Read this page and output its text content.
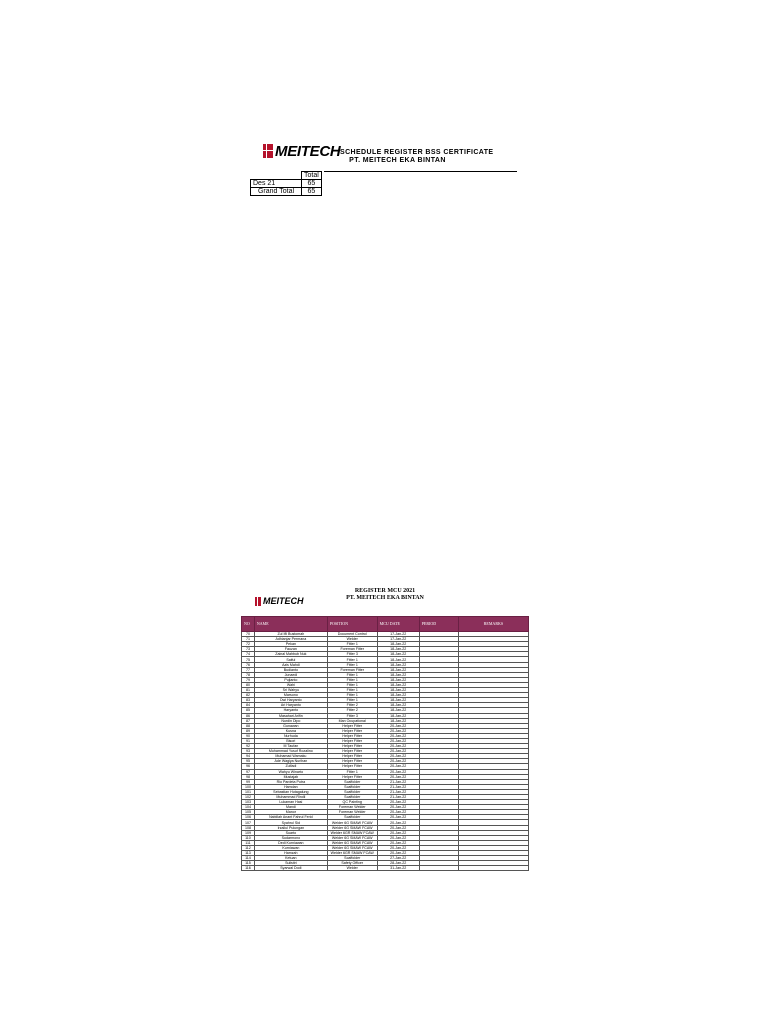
MEITECH SCHEDULE REGISTER BSS CERTIFICATE
PT. MEITECH EKA BINTAN
	Total
Des 21	65
Grand Total	65
MEITECH
REGISTER MCU 2021
PT. MEITECH EKA BINTAN
NO	NAME	POSITION	MCU DATE	PERIOD	REMARKS
70	Zul Ifli Bustomah	Document Control	17-Jan-22		
71	Adhianjar Permana	Welder	17-Jan-22		
72	Pekan	Fitter 1	18-Jan-22		
73	Fauzan	Foreman Fitter	18-Jan-22		
74	Zainal Mahbub Nuk	Fitter 3	18-Jan-22		
75	Saiful	Fitter 1	18-Jan-22		
76	Azis Mahdi	Fitter 1	18-Jan-22		
77	Budianto	Foreman Fitter	18-Jan-22		
78	Junaedi	Fitter 1	18-Jan-22		
79	Pujianto	Fitter 1	18-Jan-22		
80	Wahi	Fitter 1	18-Jan-22		
81	Sri Wahyu	Fitter 1	18-Jan-22		
82	Marsono	Fitter 1	18-Jan-22		
83	Dwi Haryanto	Fitter 1	18-Jan-22		
84	Ari Haryanto	Fitter 2	18-Jan-22		
85	Haryanto	Fitter 2	18-Jan-22		
86	Masahari Arifin	Fitter 3	18-Jan-22		
87	Nurdin Dipo	Man Ocupational	18-Jan-22		
88	Gunawan	Helper Fitter	20-Jan-22		
89	Kusna	Helper Fitter	20-Jan-22		
90	Nurhuda	Helper Fitter	20-Jan-22		
91	Bisori	Helper Fitter	20-Jan-22		
92	M Taufan	Helper Fitter	20-Jan-22		
93	Muhammad Yusuf Rozalino	Helper Fitter	20-Jan-22		
94	Muhamad Wamaku	Helper Fitter	20-Jan-22		
95	Ade Wagiya Nurihan	Helper Fitter	20-Jan-22		
96	Zulfadi	Helper Fitter	20-Jan-22		
97	Wahyu Winarto	Fitter 1	20-Jan-22		
98	Mustajab	Helper Fitter	20-Jan-22		
99	Rio Pardeta Putra	Scaffolder	21-Jan-22		
100	Hamdan	Scaffolder	21-Jan-22		
101	Sebastian Hutagalung	Scaffolder	21-Jan-22		
102	Muhammad Rindil	Scaffolder	21-Jan-22		
103	Lukaman Hasi	QC Painting	20-Jan-22		
104	Mandi	Foreman Welder	20-Jan-22		
105	Manor	Foreman Welder	20-Jan-22		
106	Nabiilah Anant Fahrul Ferid	Scaffolder	20-Jan-22		
107	Syahrul Sid	Welder 6G SMAW FCAW	20-Jan-22		
108	Irzaliul Pulungan	Welder 6G SMAW FCAW	20-Jan-22		
109	Suarto	Welder 6GR SMAW FCAW	20-Jan-22		
110	Sudarmono	Welder 6G SMAW FCAW	20-Jan-22		
111	Dedi Kurniawan	Welder 6G SMAW FCAW	20-Jan-22		
112	Kurniawan	Welder 6G SMAW FCAW	20-Jan-22		
113	Hamzah	Welder 6GR SMAW FCAW	20-Jan-22		
114	Ketuan	Scaffolder	27-Jan-22		
115	Sulistiri	Safety Officer	28-Jan-22		
116	Syarwal Dodi	Welder	31-Jan-22		
